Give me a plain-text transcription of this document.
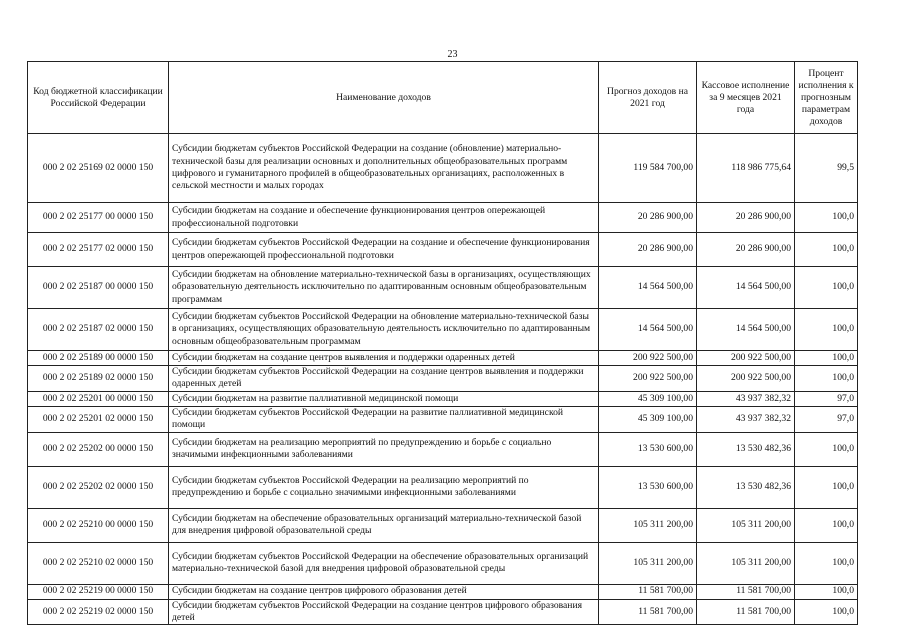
23
Код бюджетной классификации Российской Федерации	Наименование доходов	Прогноз доходов на 2021 год	Кассовое исполнение за 9 месяцев 2021 года	Процент исполнения к прогнозным параметрам доходов
000 2 02 25169 02 0000 150	Субсидии бюджетам субъектов Российской Федерации на создание (обновление) материально-технической базы для реализации основных и дополнительных общеобразовательных программ цифрового и гуманитарного профилей в общеобразовательных организациях, расположенных в сельской местности и малых городах	119 584 700,00	118 986 775,64	99,5
000 2 02 25177 00 0000 150	Субсидии бюджетам на создание и обеспечение функционирования центров опережающей профессиональной подготовки	20 286 900,00	20 286 900,00	100,0
000 2 02 25177 02 0000 150	Субсидии бюджетам субъектов Российской Федерации на создание и обеспечение функционирования центров опережающей профессиональной подготовки	20 286 900,00	20 286 900,00	100,0
000 2 02 25187 00 0000 150	Субсидии бюджетам на обновление материально-технической базы в организациях, осуществляющих образовательную деятельность исключительно по адаптированным основным общеобразовательным программам	14 564 500,00	14 564 500,00	100,0
000 2 02 25187 02 0000 150	Субсидии бюджетам субъектов Российской Федерации на обновление материально-технической базы в организациях, осуществляющих образовательную деятельность исключительно по адаптированным основным общеобразовательным программам	14 564 500,00	14 564 500,00	100,0
000 2 02 25189 00 0000 150	Субсидии бюджетам на создание центров выявления и поддержки одаренных детей	200 922 500,00	200 922 500,00	100,0
000 2 02 25189 02 0000 150	Субсидии бюджетам субъектов Российской Федерации на создание центров выявления и поддержки одаренных детей	200 922 500,00	200 922 500,00	100,0
000 2 02 25201 00 0000 150	Субсидии бюджетам на развитие паллиативной медицинской помощи	45 309 100,00	43 937 382,32	97,0
000 2 02 25201 02 0000 150	Субсидии бюджетам субъектов Российской Федерации на развитие паллиативной медицинской помощи	45 309 100,00	43 937 382,32	97,0
000 2 02 25202 00 0000 150	Субсидии бюджетам на реализацию мероприятий по предупреждению и борьбе с социально значимыми инфекционными заболеваниями	13 530 600,00	13 530 482,36	100,0
000 2 02 25202 02 0000 150	Субсидии бюджетам субъектов Российской Федерации на реализацию мероприятий по предупреждению и борьбе с социально значимыми инфекционными заболеваниями	13 530 600,00	13 530 482,36	100,0
000 2 02 25210 00 0000 150	Субсидии бюджетам на обеспечение образовательных организаций материально-технической базой для внедрения цифровой образовательной среды	105 311 200,00	105 311 200,00	100,0
000 2 02 25210 02 0000 150	Субсидии бюджетам субъектов Российской Федерации на обеспечение образовательных организаций материально-технической базой для внедрения цифровой образовательной среды	105 311 200,00	105 311 200,00	100,0
000 2 02 25219 00 0000 150	Субсидии бюджетам на создание центров цифрового образования детей	11 581 700,00	11 581 700,00	100,0
000 2 02 25219 02 0000 150	Субсидии бюджетам субъектов Российской Федерации на создание центров цифрового образования детей	11 581 700,00	11 581 700,00	100,0
